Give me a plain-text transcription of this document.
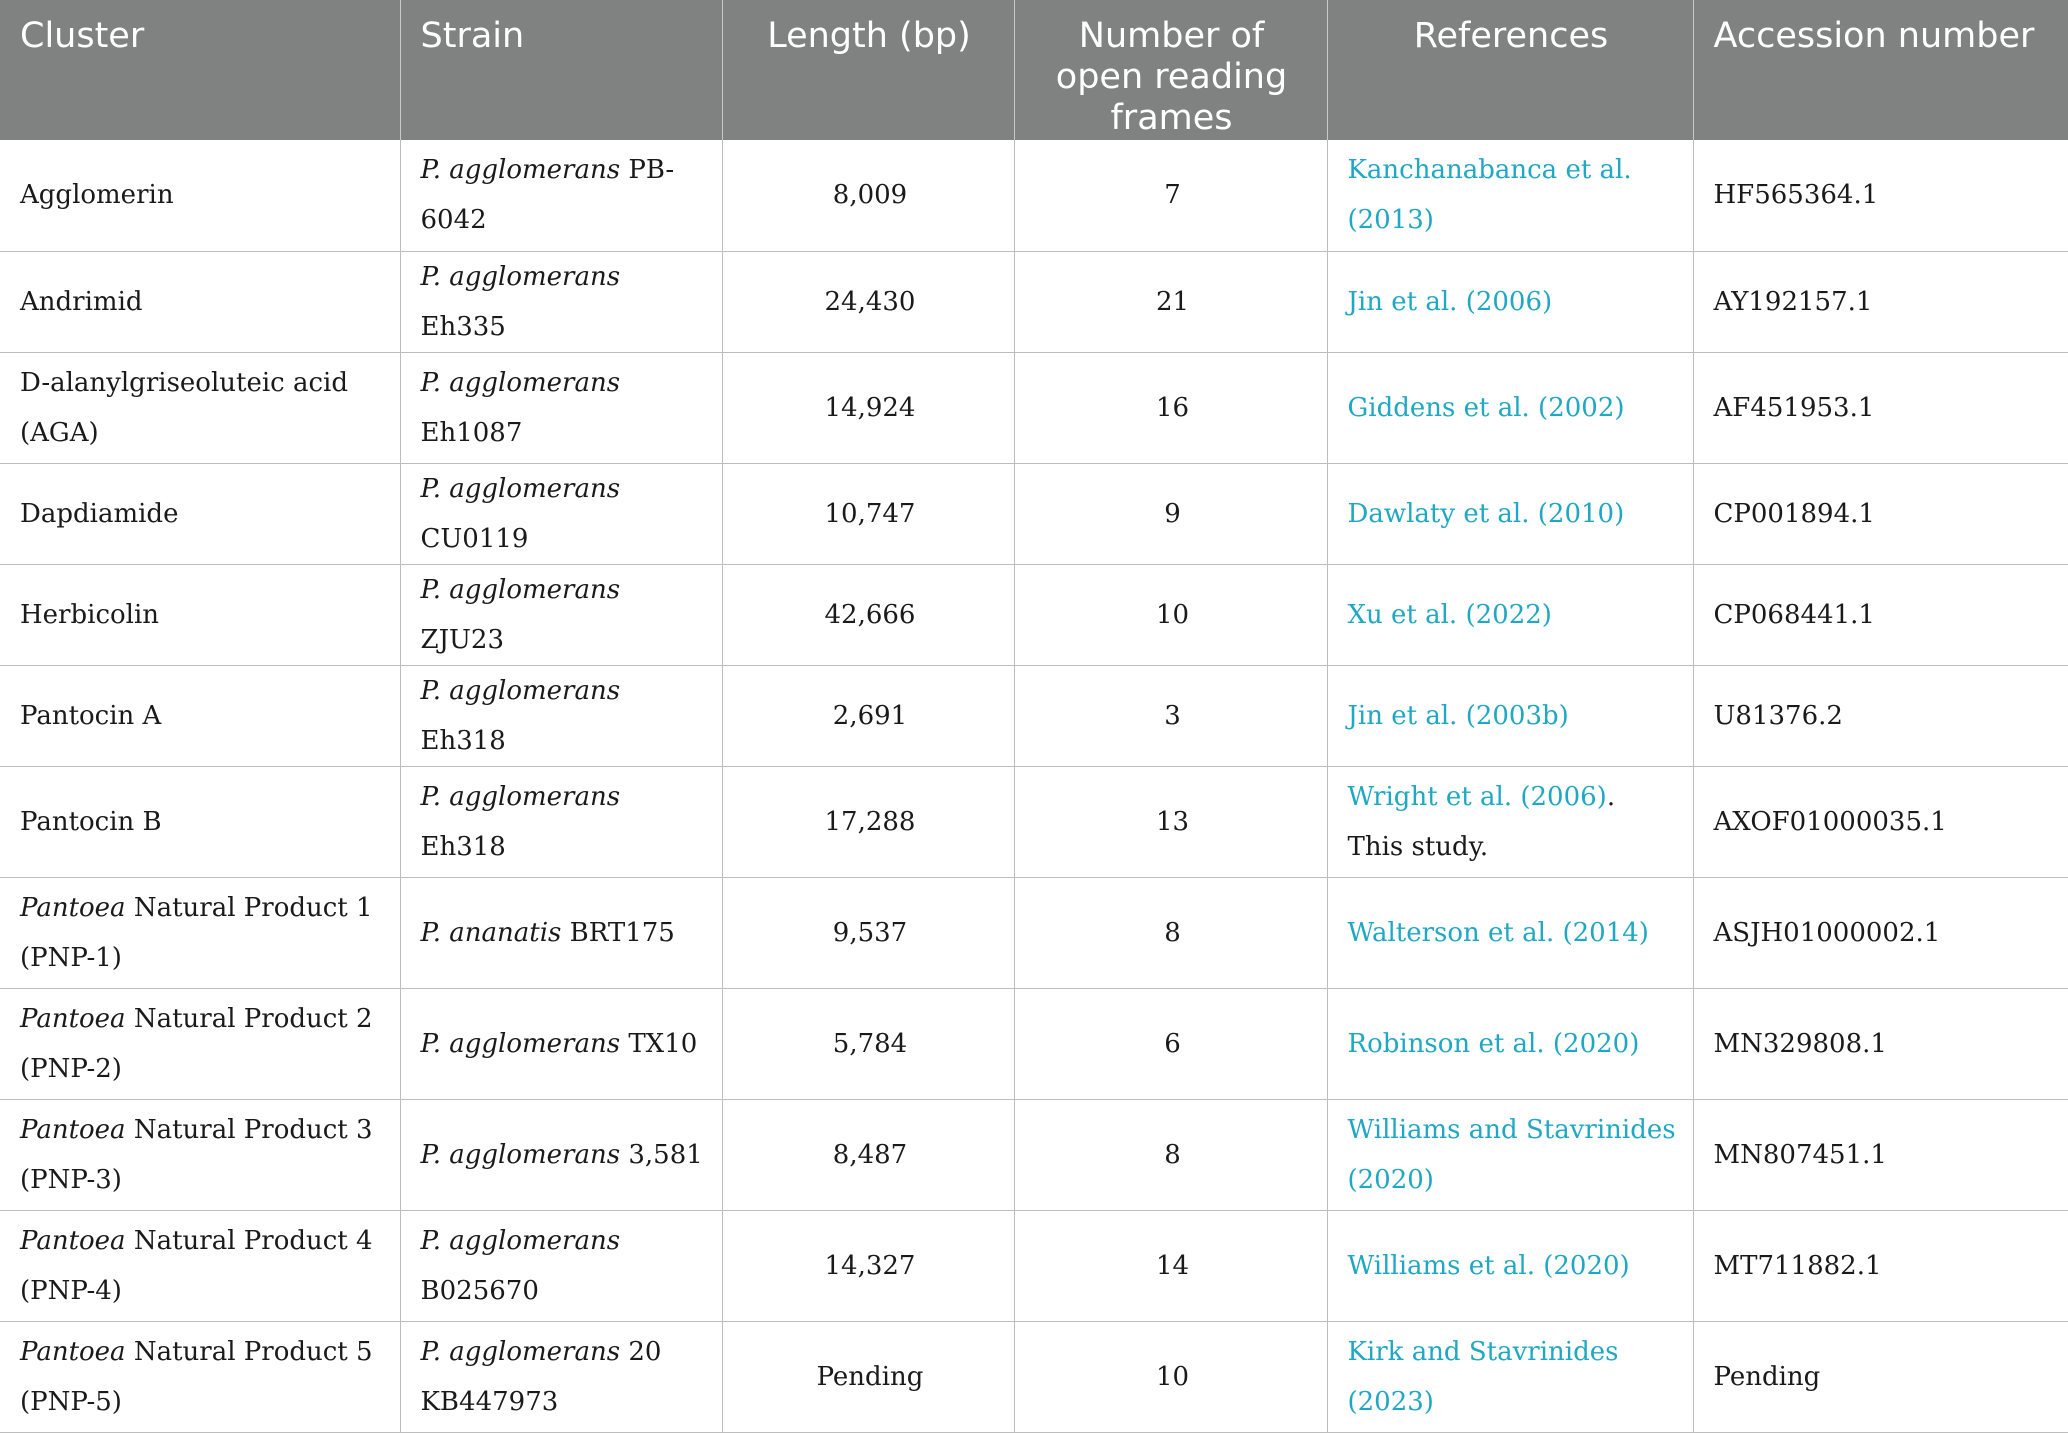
Cluster	Strain	Length (bp)	Number of open reading frames	References	Accession number
Agglomerin	P. agglomerans PB-6042	8,009	7	Kanchanabanca et al. (2013)	HF565364.1
Andrimid	P. agglomerans Eh335	24,430	21	Jin et al. (2006)	AY192157.1
D-alanylgriseoluteic acid (AGA)	P. agglomerans Eh1087	14,924	16	Giddens et al. (2002)	AF451953.1
Dapdiamide	P. agglomerans CU0119	10,747	9	Dawlaty et al. (2010)	CP001894.1
Herbicolin	P. agglomerans ZJU23	42,666	10	Xu et al. (2022)	CP068441.1
Pantocin A	P. agglomerans Eh318	2,691	3	Jin et al. (2003b)	U81376.2
Pantocin B	P. agglomerans Eh318	17,288	13	Wright et al. (2006). This study.	AXOF01000035.1
Pantoea Natural Product 1 (PNP-1)	P. ananatis BRT175	9,537	8	Walterson et al. (2014)	ASJH01000002.1
Pantoea Natural Product 2 (PNP-2)	P. agglomerans TX10	5,784	6	Robinson et al. (2020)	MN329808.1
Pantoea Natural Product 3 (PNP-3)	P. agglomerans 3,581	8,487	8	Williams and Stavrinides (2020)	MN807451.1
Pantoea Natural Product 4 (PNP-4)	P. agglomerans B025670	14,327	14	Williams et al. (2020)	MT711882.1
Pantoea Natural Product 5 (PNP-5)	P. agglomerans 20 KB447973	Pending	10	Kirk and Stavrinides (2023)	Pending
